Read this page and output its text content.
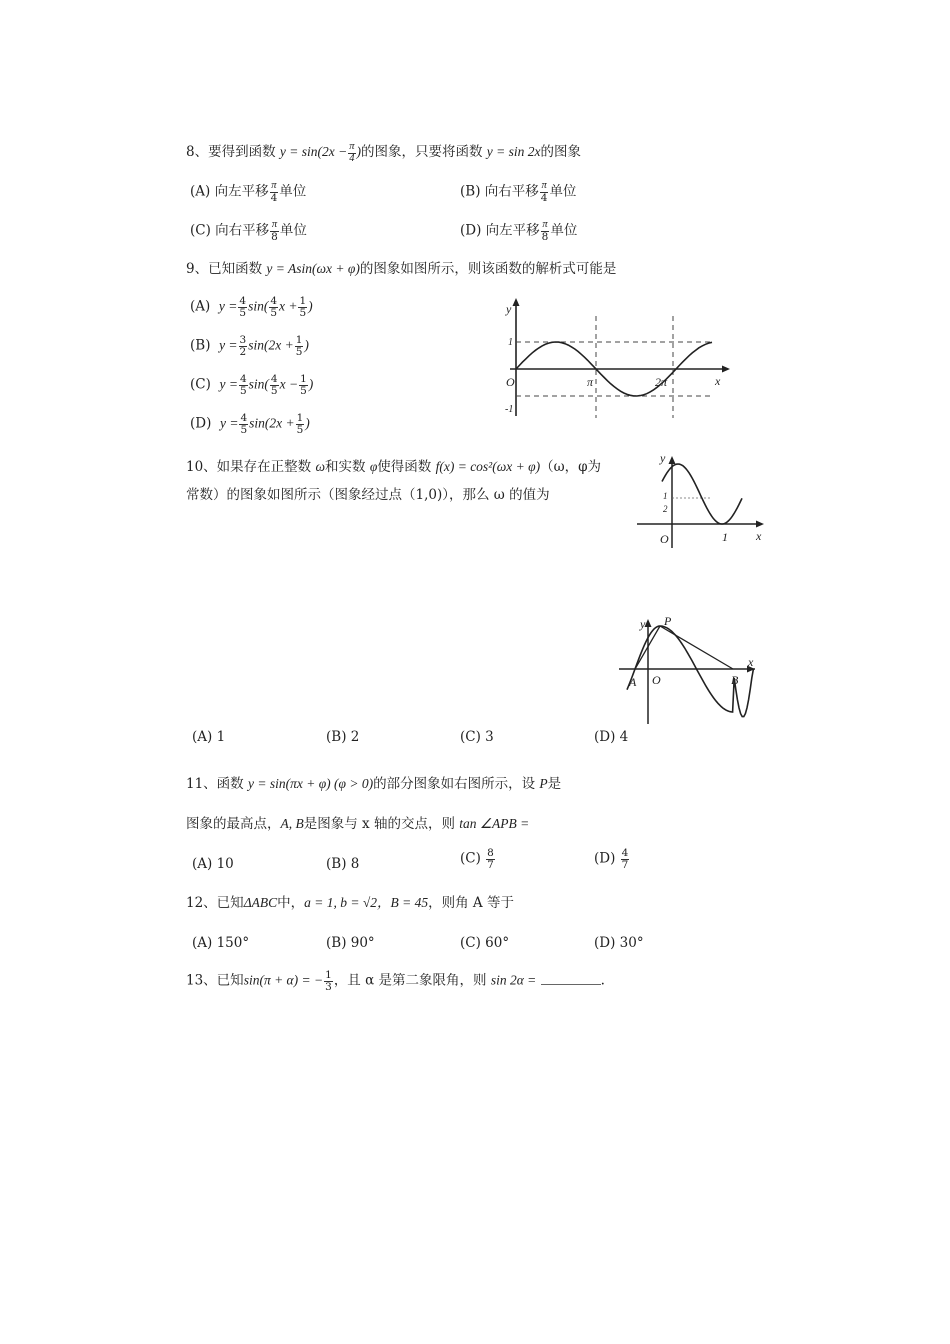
8、要得到函数 $y = \sin(2x - \frac{\pi}{4}$ )的图象，只要将函数 y = sin 2x的图象
(A) 向左平移 $\frac{\pi}{4}$ 单位	(B) 向右平移 $\frac{\pi}{4}$ 单位
(C) 向右平移 $\frac{\pi}{8}$ 单位	(D) 向左平移 $\frac{\pi}{8}$ 单位
9、已知函数 y = Asin(ωx + φ)的图象如图所示，则该函数的解析式可能是
(A) $y = \frac{4}{5} \sin( \frac{4}{5}$ $x + \frac{1}{5}$ )
(B) $y = \frac{3}{2} \sin(2x + \frac{1}{5}$ )
(C) $y = \frac{4}{5} \sin( \frac{4}{5}$ $x - \frac{1}{5}$ )
(D) $y = \frac{4}{5} \sin(2x + \frac{1}{5}$ )
y
x
O
1
-1
π	2π
10、如果存在正整数 ω和实数 φ使得函数 f(x) = cos²(ωx + φ)（ω，φ为
常数）的图象如图所示（图象经过点（1,0)），那么 ω 的值为
y
x
O
1
2
1
y
x
A O	B
P
(A) 1	(B) 2	(C) 3	(D) 4
11、函数 y = sin(πx + φ) (φ > 0)的部分图象如右图所示，设 P是
图象的最高点，A, B是图象与 x 轴的交点，则 tan ∠APB =
(A) 10	(B) 8	$(C) \frac{8}{7}$	$(D) \frac{4}{7}$
12、已知ΔABC中，a = 1, b = √2，B = 45，则角 A 等于
(A) 150°	(B) 90°	(C) 60°	(D) 30°
13、已知sin(π + α) = − $\frac{1}{3}$ ，且 α 是第二象限角，则 sin 2α =	.
